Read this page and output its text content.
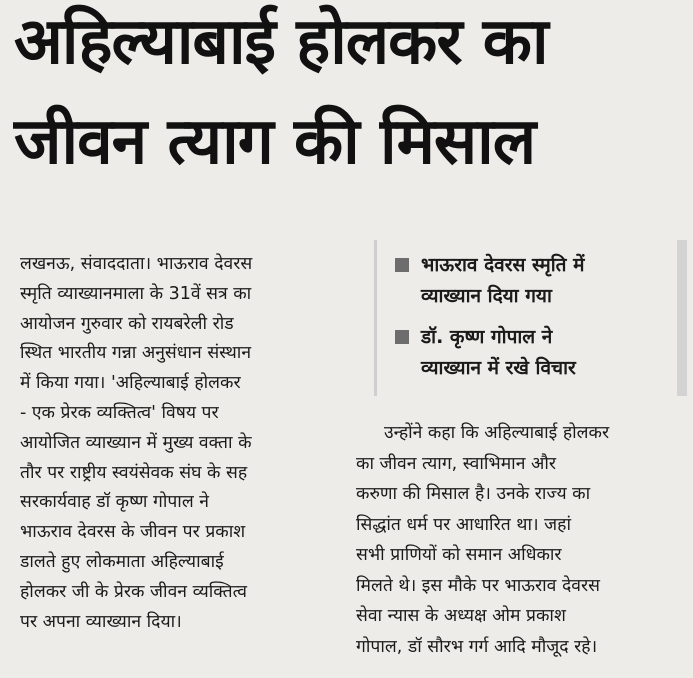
अहिल्याबाई होलकर का
जीवन त्याग की मिसाल
लखनऊ, संवाददाता। भाऊराव देवरस
स्मृति व्याख्यानमाला के 31वें सत्र का
आयोजन गुरुवार को रायबरेली रोड
स्थित भारतीय गन्ना अनुसंधान संस्थान
में किया गया। 'अहिल्याबाई होलकर
- एक प्रेरक व्यक्तित्व' विषय पर
आयोजित व्याख्यान में मुख्य वक्ता के
तौर पर राष्ट्रीय स्वयंसेवक संघ के सह
सरकार्यवाह डॉ कृष्ण गोपाल ने
भाऊराव देवरस के जीवन पर प्रकाश
डालते हुए लोकमाता अहिल्याबाई
होलकर जी के प्रेरक जीवन व्यक्तित्व
पर अपना व्याख्यान दिया।
भाऊराव देवरस स्मृति में
व्याख्यान दिया गया
डॉ. कृष्ण गोपाल ने
व्याख्यान में रखे विचार
उन्होंने कहा कि अहिल्याबाई होलकर
का जीवन त्याग, स्वाभिमान और
करुणा की मिसाल है। उनके राज्य का
सिद्धांत धर्म पर आधारित था। जहां
सभी प्राणियों को समान अधिकार
मिलते थे। इस मौके पर भाऊराव देवरस
सेवा न्यास के अध्यक्ष ओम प्रकाश
गोपाल, डॉ सौरभ गर्ग आदि मौजूद रहे।
